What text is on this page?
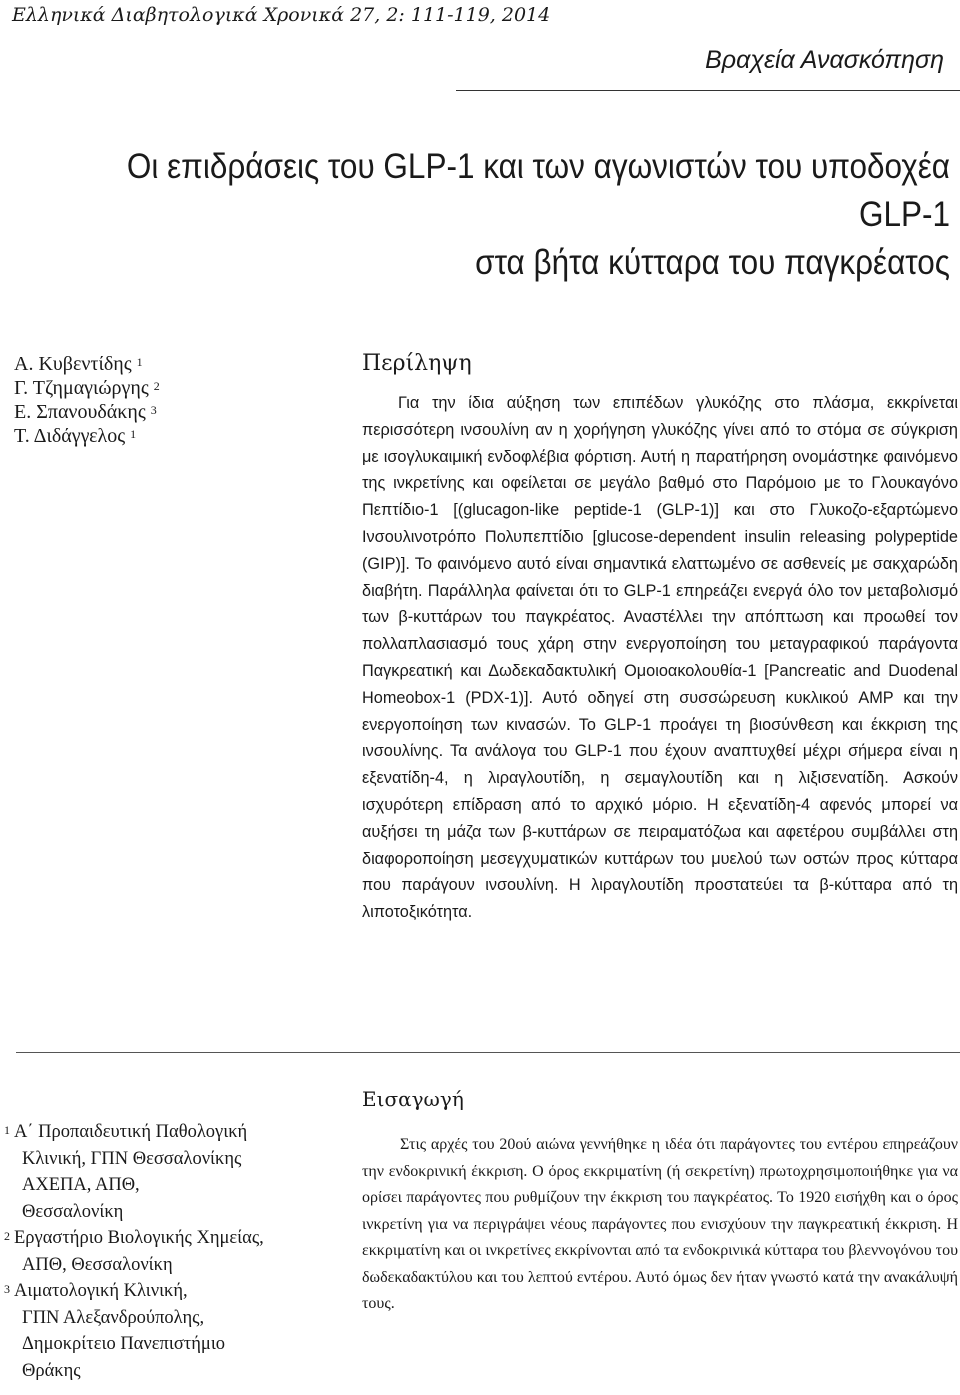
Ελληνικά Διαβητολογικά Χρονικά 27, 2: 111-119, 2014
Βραχεία Ανασκόπηση
Οι επιδράσεις του GLP-1 και των αγωνιστών του υποδοχέα GLP-1
στα βήτα κύτταρα του παγκρέατος
Α. Κυβεντίδης $^1$
Γ. Τζημαγιώργης $^2$
Ε. Σπανουδάκης $^3$
Τ. Διδάγγελος $^1$
Περίληψη

Για την ίδια αύξηση των επιπέδων γλυκόζης στο πλάσμα, εκκρίνεται περισσότερη ινσουλίνη αν η χορήγηση γλυκόζης γίνει από το στόμα σε σύγκριση με ισογλυκαιμική ενδοφλέβια φόρτιση. Αυτή η παρατήρηση ονομάστηκε φαινόμενο της ινκρετίνης και οφείλεται σε μεγάλο βαθμό στο Παρόμοιο με το Γλουκαγόνο Πεπτίδιο-1 [(glucagon-like peptide-1 (GLP-1)] και στο Γλυκοζο-εξαρτώμενο Ινσουλινοτρόπο Πολυπεπτίδιο [glucose-dependent insulin releasing polypeptide (GIP)]. Το φαινόμενο αυτό είναι σημαντικά ελαττωμένο σε ασθενείς με σακχαρώδη διαβήτη. Παράλληλα φαίνεται ότι το GLP-1 επηρεάζει ενεργά όλο τον μεταβολισμό των β-κυττάρων του παγκρέατος. Αναστέλλει την απόπτωση και προωθεί τον πολλαπλασιασμό τους χάρη στην ενεργοποίηση του μεταγραφικού παράγοντα Παγκρεατική και Δωδεκαδακτυλική Ομοιοακολουθία-1 [Pancreatic and Duodenal Homeobox-1 (PDX-1)]. Αυτό οδηγεί στη συσσώρευση κυκλικού AMP και την ενεργοποίηση των κινασών. Το GLP-1 προάγει τη βιοσύνθεση και έκκριση της ινσουλίνης. Τα ανάλογα του GLP-1 που έχουν αναπτυχθεί μέχρι σήμερα είναι η εξενατίδη-4, η λιραγλουτίδη, η σεμαγλουτίδη και η λιξισενατίδη. Ασκούν ισχυρότερη επίδραση από το αρχικό μόριο. Η εξενατίδη-4 αφενός μπορεί να αυξήσει τη μάζα των β-κυττάρων σε πειραματόζωα και αφετέρου συμβάλλει στη διαφοροποίηση μεσεγχυματικών κυττάρων του μυελού των οστών προς κύτταρα που παράγουν ινσουλίνη. Η λιραγλουτίδη προστατεύει τα β-κύτταρα από τη λιποτοξικότητα.

$^1$ Α΄ Προπαιδευτική Παθολογική
Κλινική, ΓΠΝ Θεσσαλονίκης
ΑΧΕΠΑ, ΑΠΘ,
Θεσσαλονίκη
$^2$ Εργαστήριο Βιολογικής Χημείας,
ΑΠΘ, Θεσσαλονίκη
$^3$ Αιματολογική Κλινική,
ΓΠΝ Αλεξανδρούπολης,
Δημοκρίτειο Πανεπιστήμιο
Θράκης
Εισαγωγή

Στις αρχές του 20ού αιώνα γεννήθηκε η ιδέα ότι παράγοντες του εντέρου επηρεάζουν την ενδοκρινική έκκριση. Ο όρος εκκριματίνη (ή σεκρετίνη) πρωτοχρησιμοποιήθηκε για να ορίσει παράγοντες που ρυθμίζουν την έκκριση του παγκρέατος. Το 1920 εισήχθη και ο όρος ινκρετίνη για να περιγράψει νέους παράγοντες που ενισχύουν την παγκρεατική έκκριση. Η εκκριματίνη και οι ινκρετίνες εκκρίνονται από τα ενδοκρινικά κύτταρα του βλεννογόνου του δωδεκαδακτύλου και του λεπτού εντέρου. Αυτό όμως δεν ήταν γνωστό κατά την ανακάλυψή τους.
